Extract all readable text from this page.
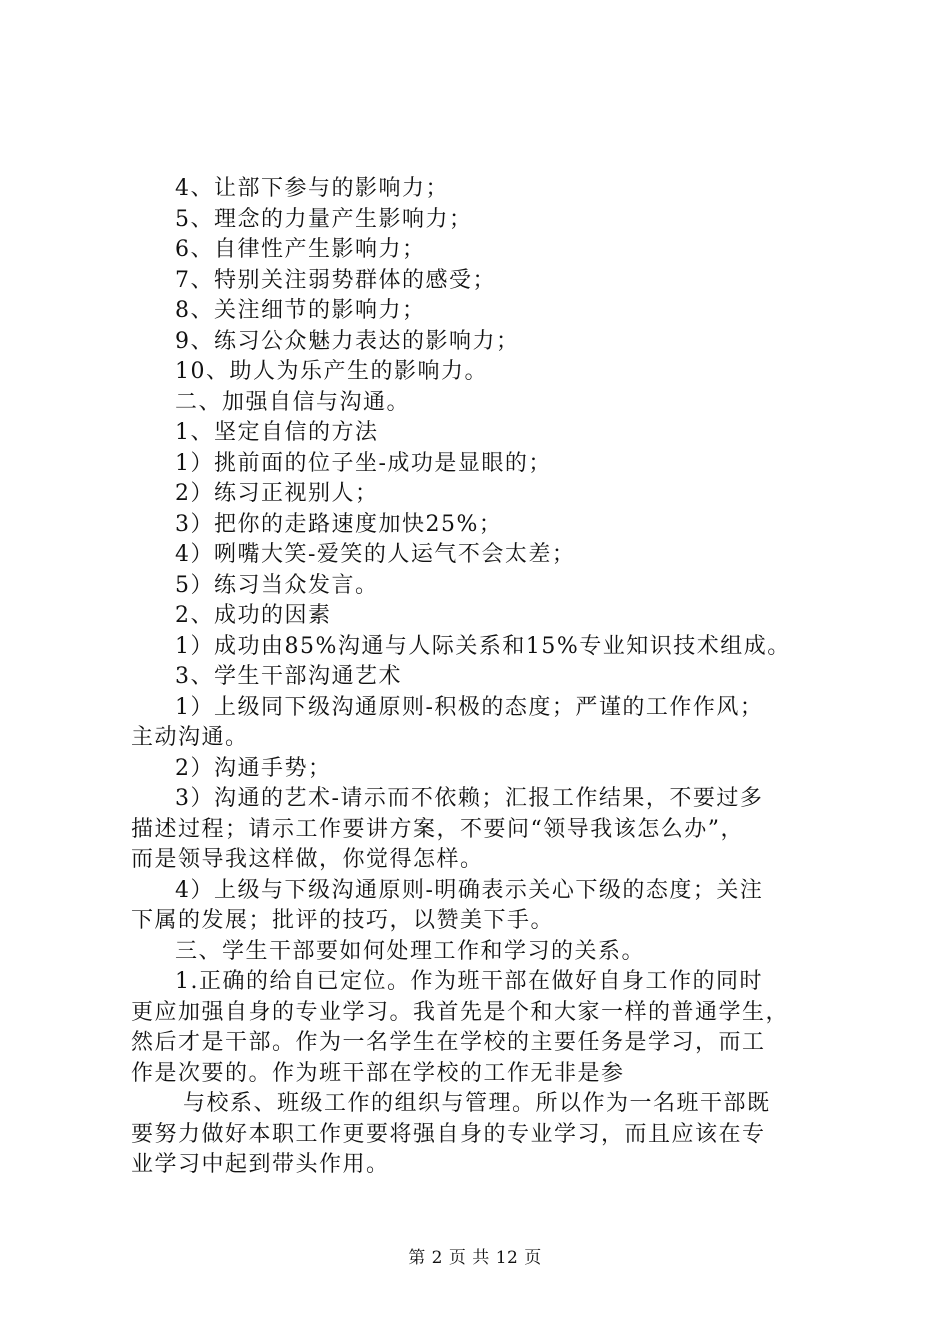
4、让部下参与的影响力；
5、理念的力量产生影响力；
6、自律性产生影响力；
7、特别关注弱势群体的感受；
8、关注细节的影响力；
9、练习公众魅力表达的影响力；
10、助人为乐产生的影响力。
二、加强自信与沟通。
1、坚定自信的方法
1）挑前面的位子坐-成功是显眼的；
2）练习正视别人；
3）把你的走路速度加快25%；
4）咧嘴大笑-爱笑的人运气不会太差；
5）练习当众发言。
2、成功的因素
1）成功由85%沟通与人际关系和15%专业知识技术组成。
3、学生干部沟通艺术
1）上级同下级沟通原则-积极的态度；严谨的工作作风；
主动沟通。
2）沟通手势；
3）沟通的艺术-请示而不依赖；汇报工作结果，不要过多
描述过程；请示工作要讲方案，不要问“领导我该怎么办”，
而是领导我这样做，你觉得怎样。
4）上级与下级沟通原则-明确表示关心下级的态度；关注
下属的发展；批评的技巧，以赞美下手。
三、学生干部要如何处理工作和学习的关系。
1.正确的给自已定位。作为班干部在做好自身工作的同时
更应加强自身的专业学习。我首先是个和大家一样的普通学生，
然后才是干部。作为一名学生在学校的主要任务是学习，而工
作是次要的。作为班干部在学校的工作无非是参
与校系、班级工作的组织与管理。所以作为一名班干部既
要努力做好本职工作更要将强自身的专业学习，而且应该在专
业学习中起到带头作用。
第 2 页 共 12 页
